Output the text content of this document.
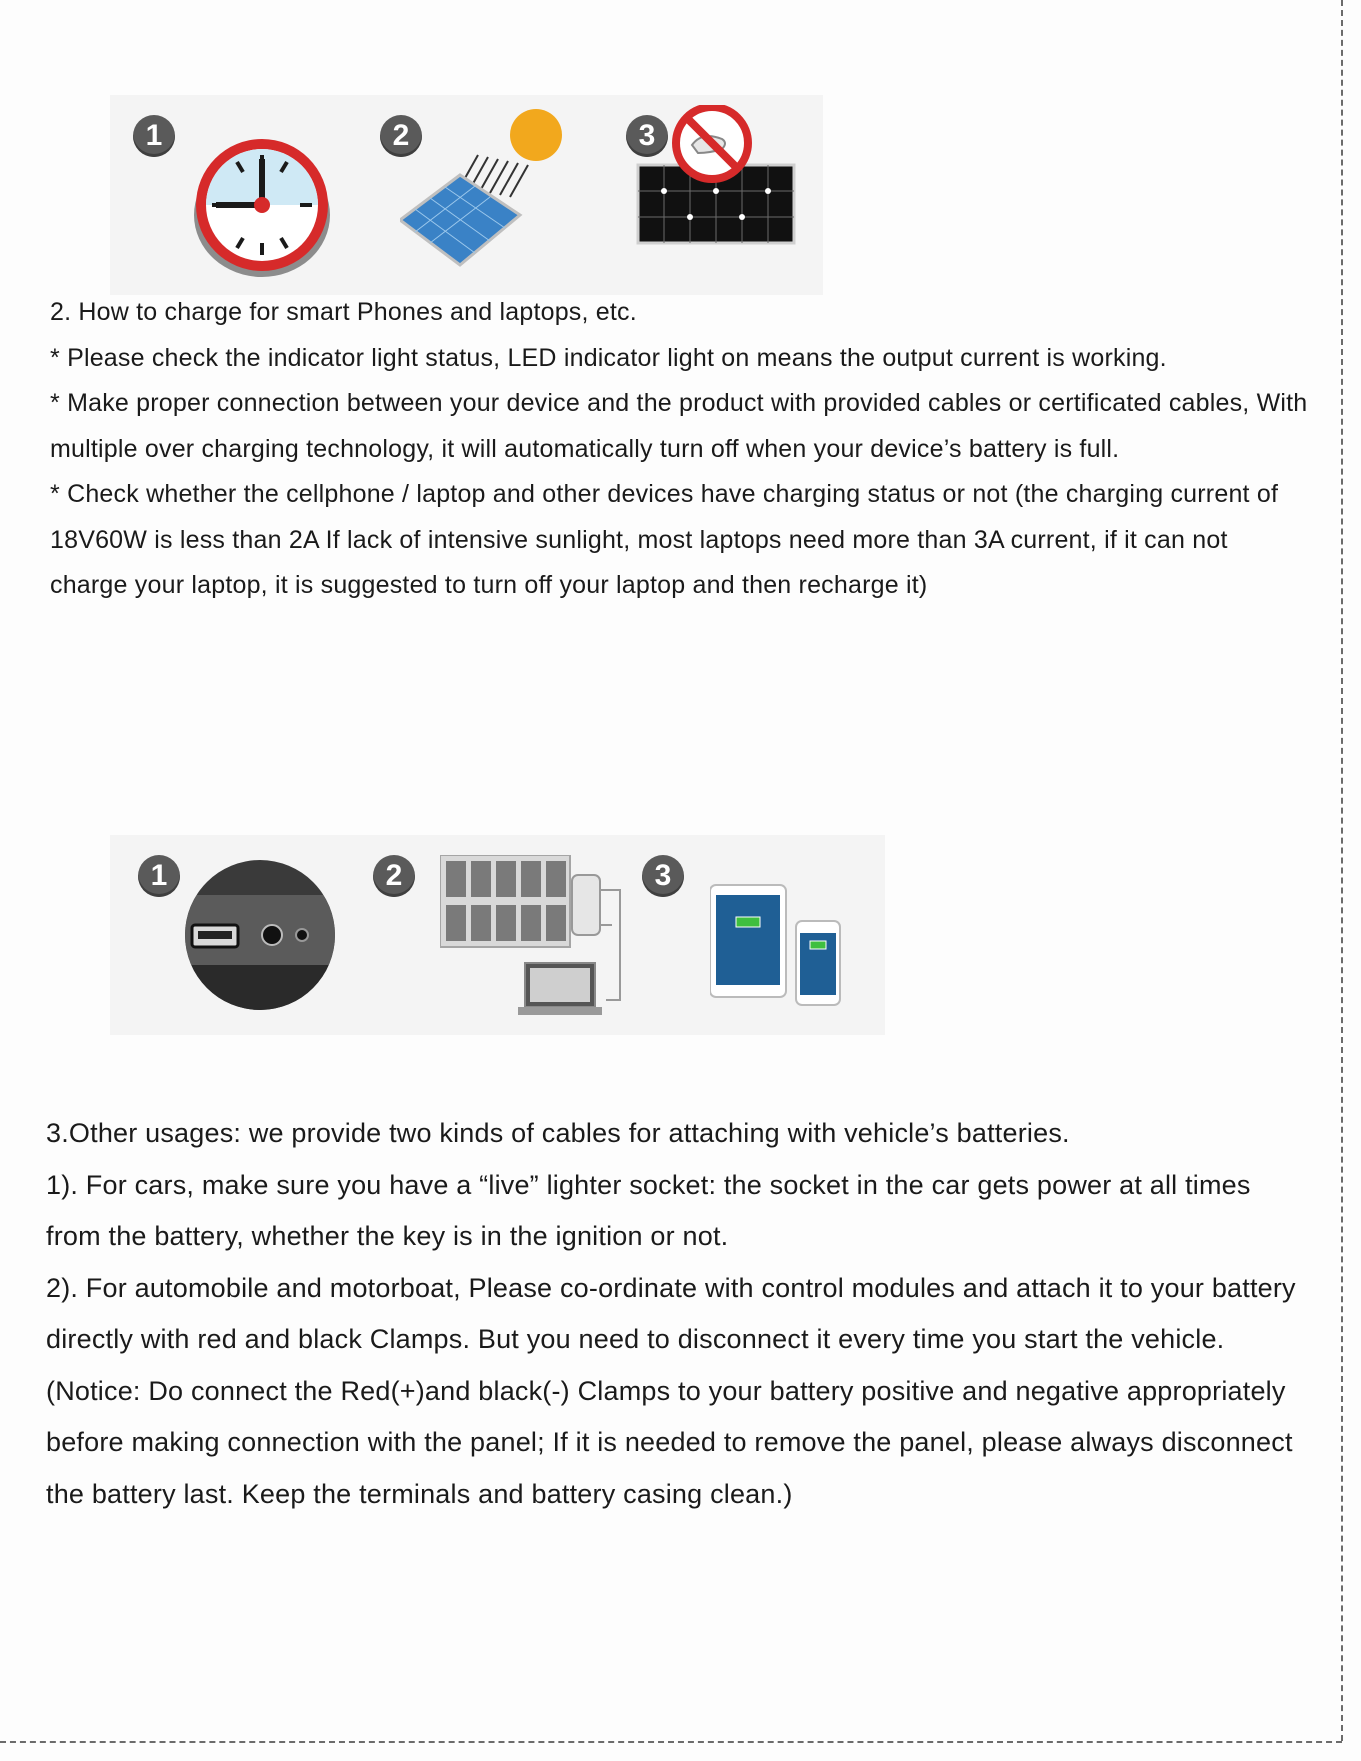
1	2	3

2. How to charge for smart Phones and laptops, etc.

* Please check the indicator light status, LED indicator light on means the output current is working.

* Make proper connection between your device and the product with provided cables or certificated cables, With multiple over charging technology, it will automatically turn off when your device’s battery is full.

* Check whether the cellphone / laptop and other devices have charging status or not (the charging current of 18V60W is less than 2A If lack of intensive sunlight, most laptops need more than 3A current, if it can not charge your laptop, it is suggested to turn off your laptop and then recharge it)

1	2	3

3.Other usages: we provide two kinds of cables for attaching with vehicle’s batteries.

1). For cars, make sure you have a “live” lighter socket: the socket in the car gets power at all times from the battery, whether the key is in the ignition or not.

2). For automobile and motorboat, Please co-ordinate with control modules and attach it to your battery directly with red and black Clamps. But you need to disconnect it every time you start the vehicle.

(Notice: Do connect the Red(+)and black(-) Clamps to your battery positive and negative appropriately before making connection with the panel; If it is needed to remove the panel, please always disconnect the battery last. Keep the terminals and battery casing clean.)
